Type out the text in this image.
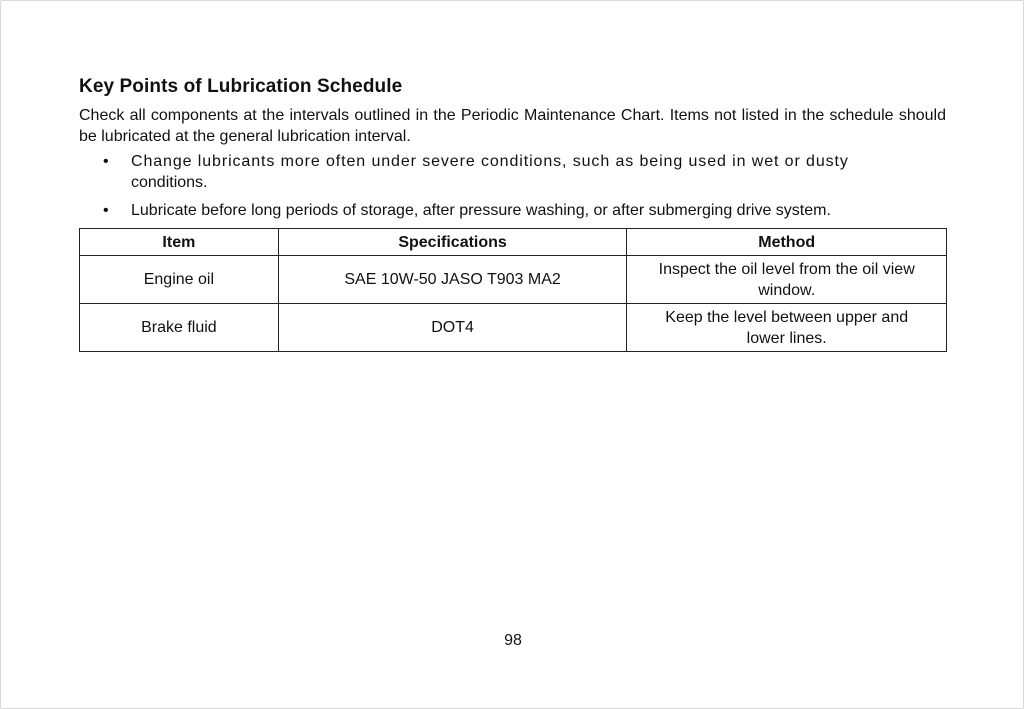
Key Points of Lubrication Schedule

Check all components at the intervals outlined in the Periodic Maintenance Chart. Items not listed in the schedule should be lubricated at the general lubrication interval.

• Change lubricants more often under severe conditions, such as being used in wet or dusty
conditions.
• Lubricate before long periods of storage, after pressure washing, or after submerging drive system.
Item	Specifications	Method
Engine oil	SAE 10W-50 JASO T903 MA2	Inspect the oil level from the oil view
window.
Brake fluid	DOT4	Keep the level between upper and
lower lines.
98
